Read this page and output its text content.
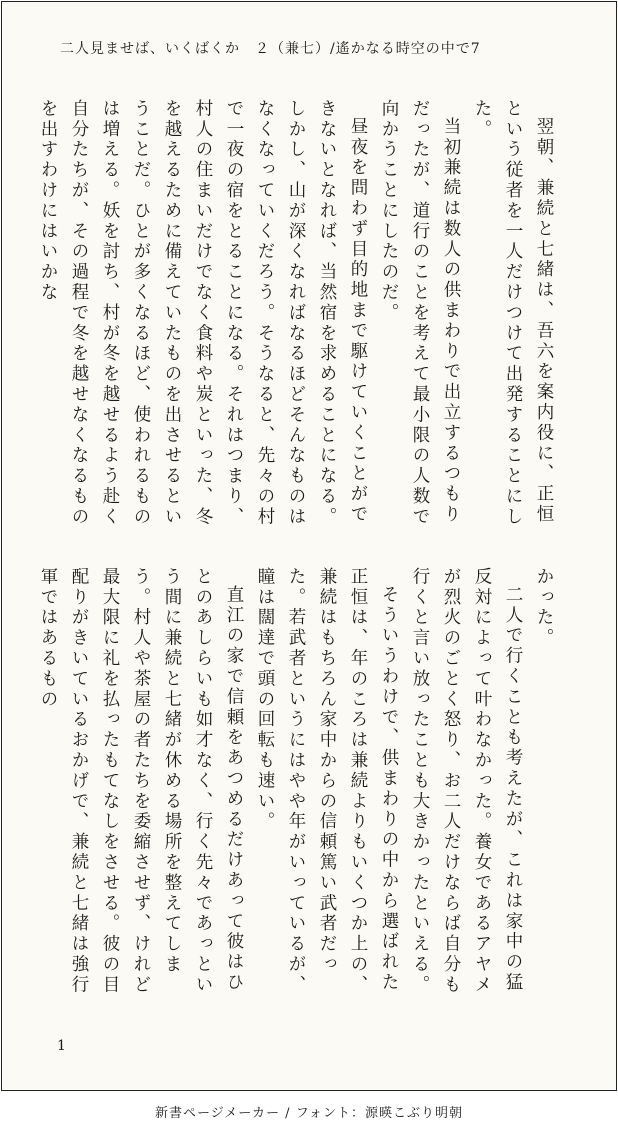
二人見ませば、いくばくか　２（兼七）/遙かなる時空の中で7

翌朝、兼続と七緒は、吾六を案内役に、正恒という従者を一人だけつけて出発することにした。

当初兼続は数人の供まわりで出立するつもりだったが、道行のことを考えて最小限の人数で向かうことにしたのだ。

昼夜を問わず目的地まで駆けていくことができないとなれば、当然宿を求めることになる。しかし、山が深くなればなるほどそんなものはなくなっていくだろう。そうなると、先々の村で一夜の宿をとることになる。それはつまり、村人の住まいだけでなく食料や炭といった、冬を越えるために備えていたものを出させるということだ。ひとが多くなるほど、使われるものは増える。妖を討ち、村が冬を越せるよう赴く自分たちが、その過程で冬を越せなくなるものを出すわけにはいかな

かった。

二人で行くことも考えたが、これは家中の猛反対によって叶わなかった。養女であるアヤメが烈火のごとく怒り、お二人だけならば自分も行くと言い放ったことも大きかったといえる。

そういうわけで、供まわりの中から選ばれた正恒は、年のころは兼続よりもいくつか上の、兼続はもちろん家中からの信頼篤い武者だった。若武者というにはやや年がいっているが、瞳は闊達で頭の回転も速い。

直江の家で信頼をあつめるだけあって彼はひとのあしらいも如才なく、行く先々であっという間に兼続と七緒が休める場所を整えてしまう。村人や茶屋の者たちを委縮させず、けれど最大限に礼を払ったもてなしをさせる。彼の目配りがきいているおかげで、兼続と七緒は強行軍ではあるもの

1
新書ページメーカー / フォント：源暎こぶり明朝
